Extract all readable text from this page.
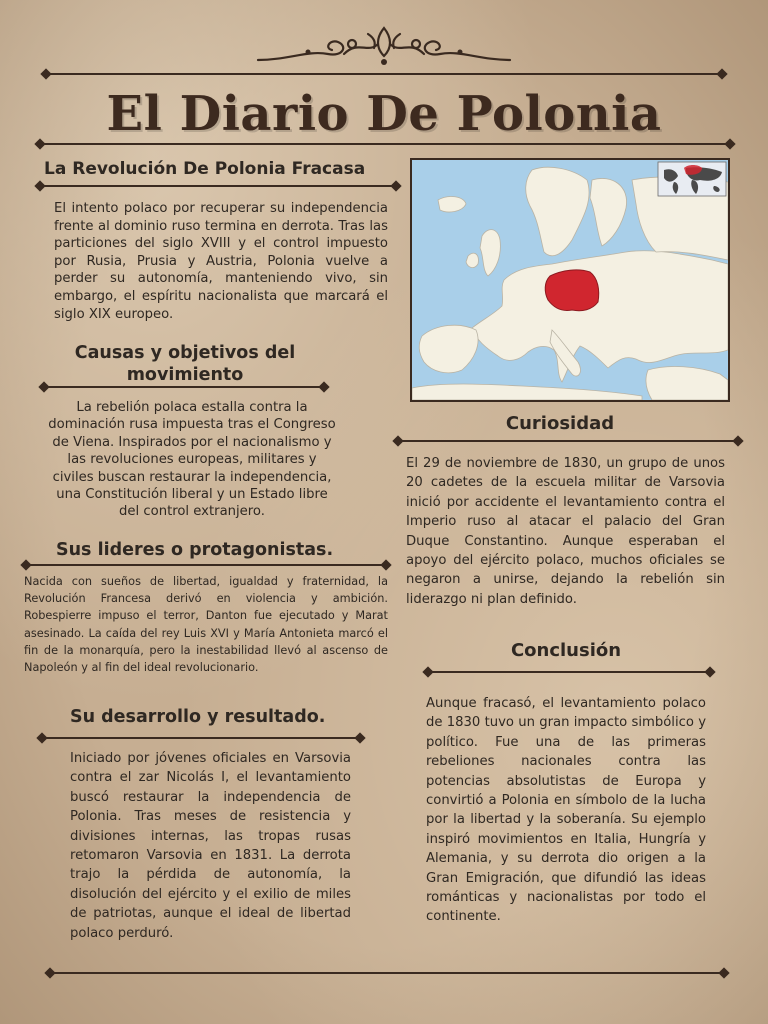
El Diario De Polonia
La Revolución De Polonia Fracasa
El intento polaco por recuperar su independencia frente al dominio ruso termina en derrota. Tras las particiones del siglo XVIII y el control impuesto por Rusia, Prusia y Austria, Polonia vuelve a perder su autonomía, manteniendo vivo, sin embargo, el espíritu nacionalista que marcará el siglo XIX europeo.
Causas y objetivos del movimiento
La rebelión polaca estalla contra la dominación rusa impuesta tras el Congreso de Viena. Inspirados por el nacionalismo y las revoluciones europeas, militares y civiles buscan restaurar la independencia, una Constitución liberal y un Estado libre del control extranjero.
Sus lideres o protagonistas.
Nacida con sueños de libertad, igualdad y fraternidad, la Revolución Francesa derivó en violencia y ambición. Robespierre impuso el terror, Danton fue ejecutado y Marat asesinado. La caída del rey Luis XVI y María Antonieta marcó el fin de la monarquía, pero la inestabilidad llevó al ascenso de Napoleón y al fin del ideal revolucionario.
Su desarrollo y resultado.
Iniciado por jóvenes oficiales en Varsovia contra el zar Nicolás I, el levantamiento buscó restaurar la independencia de Polonia. Tras meses de resistencia y divisiones internas, las tropas rusas retomaron Varsovia en 1831. La derrota trajo la pérdida de autonomía, la disolución del ejército y el exilio de miles de patriotas, aunque el ideal de libertad polaco perduró.
Curiosidad
El 29 de noviembre de 1830, un grupo de unos 20 cadetes de la escuela militar de Varsovia inició por accidente el levantamiento contra el Imperio ruso al atacar el palacio del Gran Duque Constantino. Aunque esperaban el apoyo del ejército polaco, muchos oficiales se negaron a unirse, dejando la rebelión sin liderazgo ni plan definido.
Conclusión
Aunque fracasó, el levantamiento polaco de 1830 tuvo un gran impacto simbólico y político. Fue una de las primeras rebeliones nacionales contra las potencias absolutistas de Europa y convirtió a Polonia en símbolo de la lucha por la libertad y la soberanía. Su ejemplo inspiró movimientos en Italia, Hungría y Alemania, y su derrota dio origen a la Gran Emigración, que difundió las ideas románticas y nacionalistas por todo el continente.
